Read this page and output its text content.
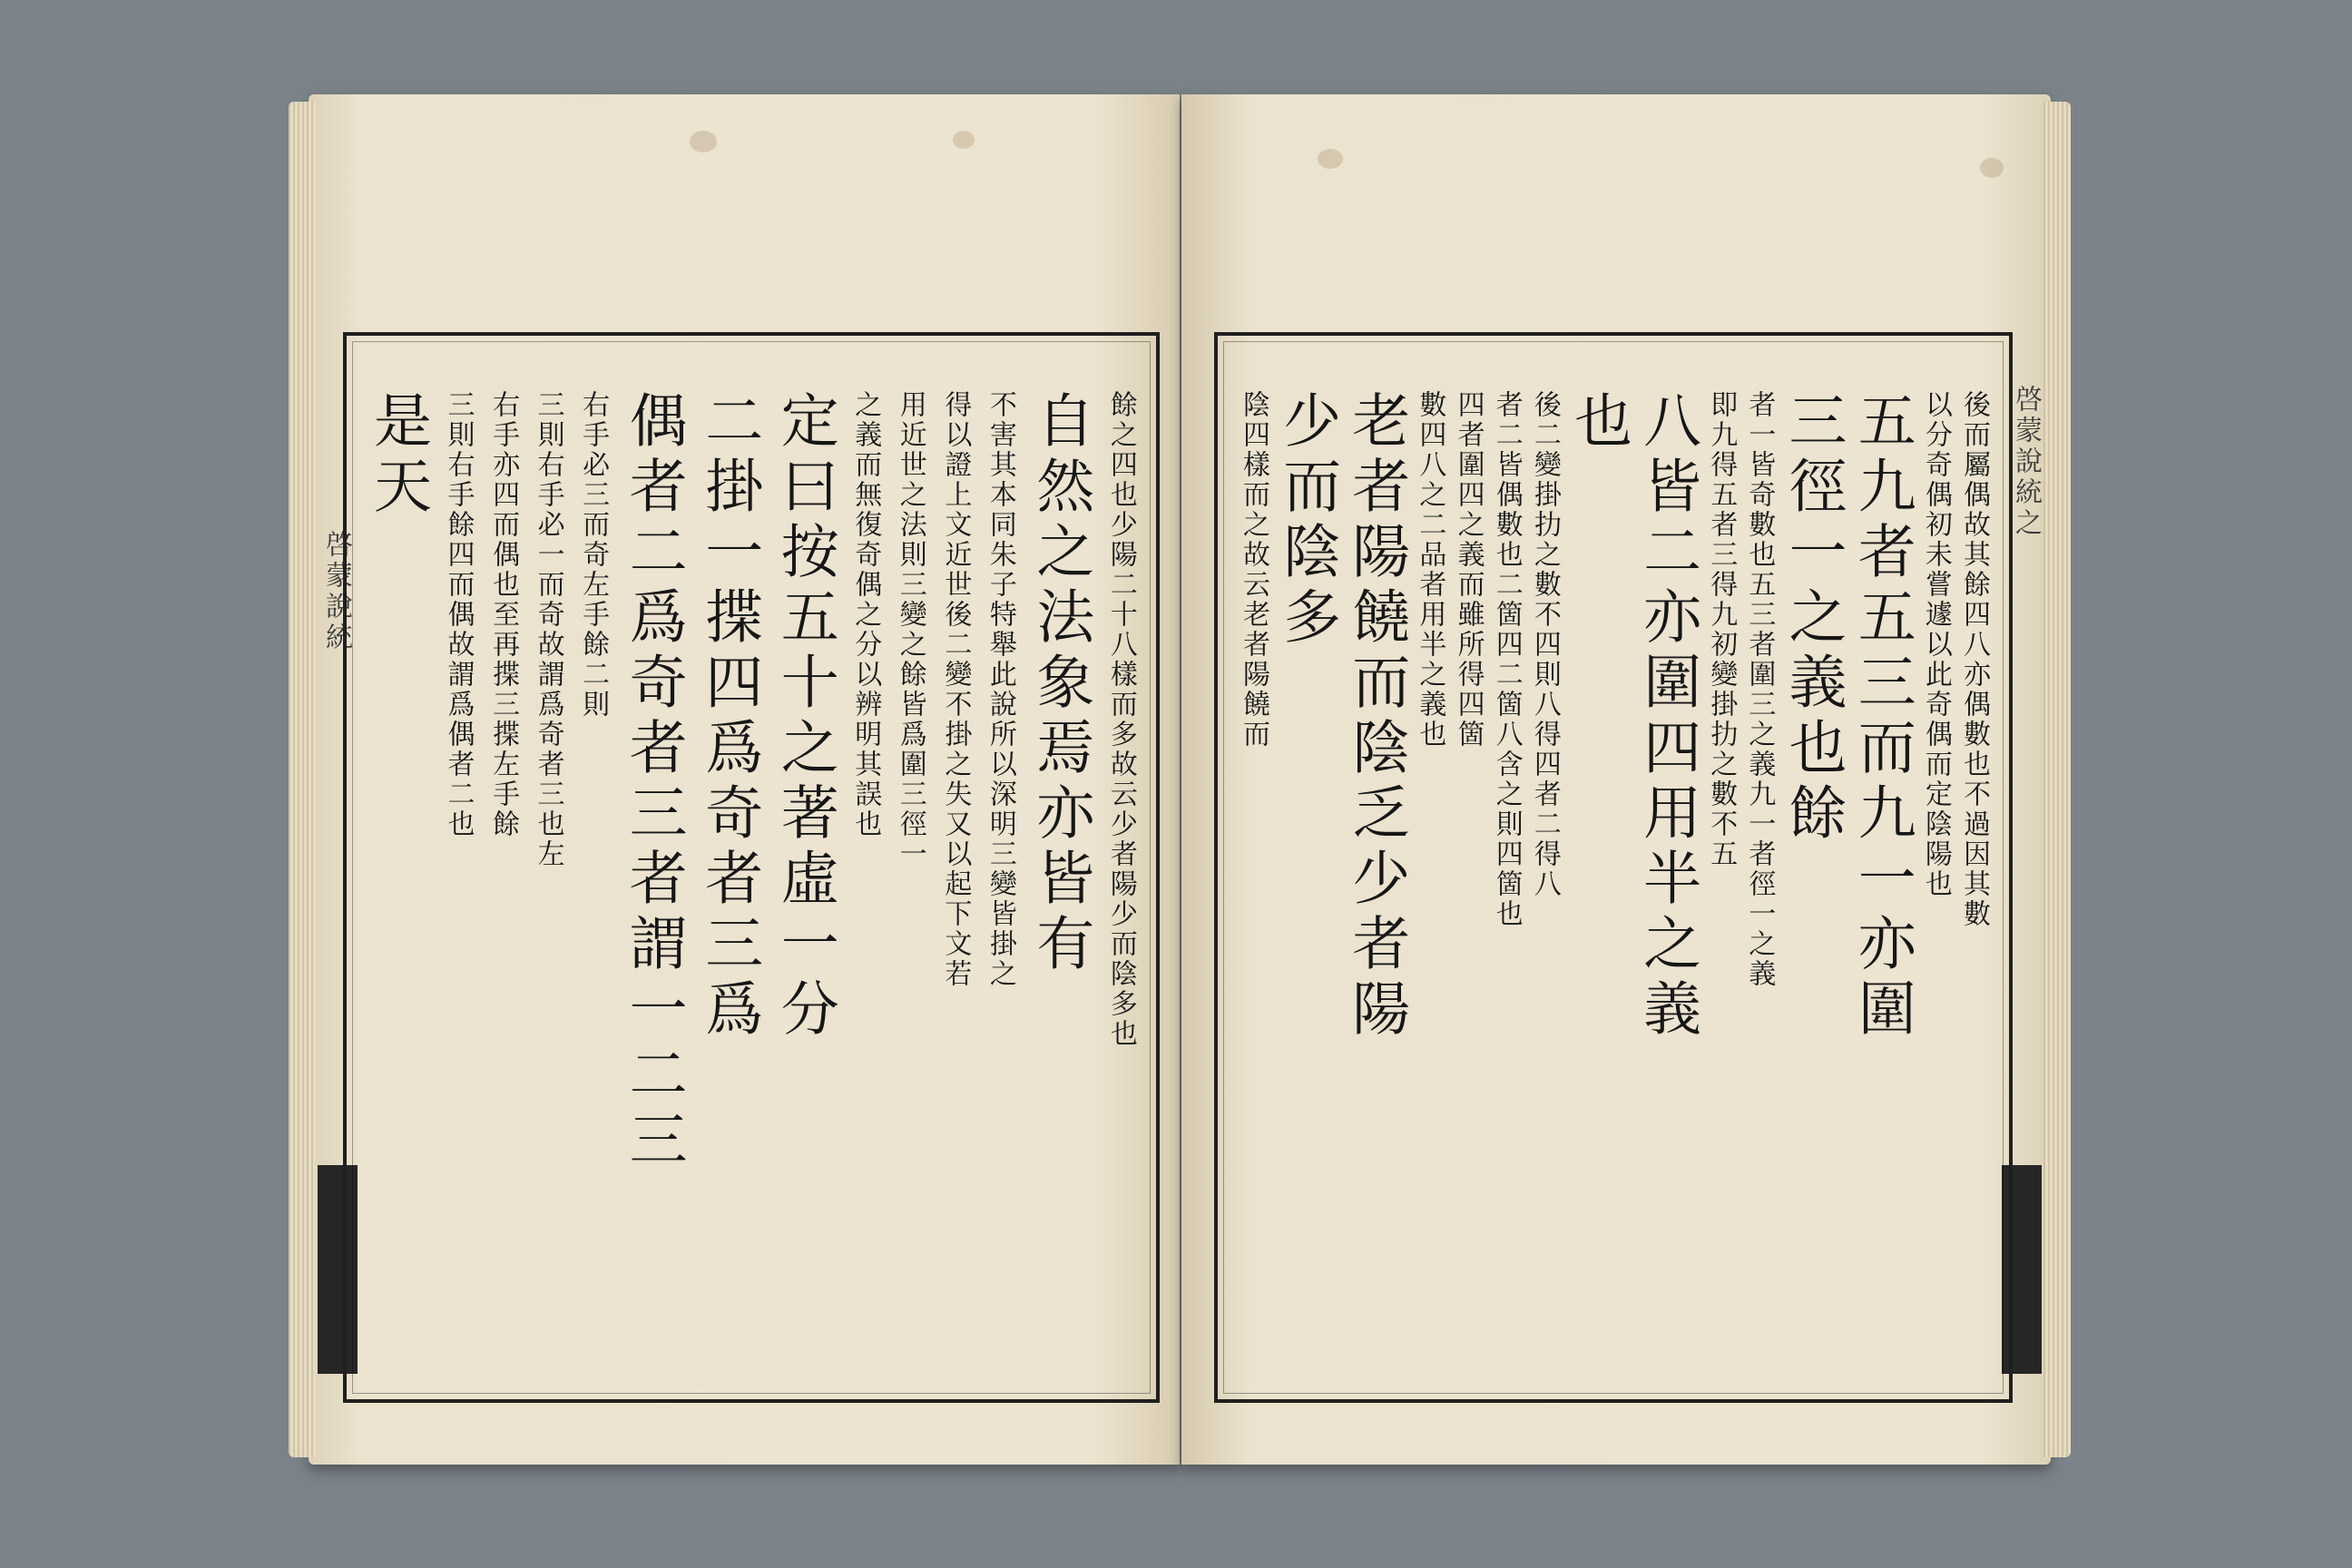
啓蒙說統	餘之四也少陽二十八樣而多故云少者陽少而陰多也
自然之法象焉亦皆有
不害其本同朱子特舉此說所以深明三變皆掛之
得以證上文近世後二變不掛之失又以起下文若
用近世之法則三變之餘皆爲圍三徑一
之義而無復奇偶之分以辨明其誤也
定曰按五十之著虛一分
二掛一揲四爲奇者三爲
偶者二爲奇者三者謂一二三
右手必三而奇左手餘二則
三則右手必一而奇故謂爲奇者三也左
右手亦四而偶也至再揲三揲左手餘
三則右手餘四而偶故謂爲偶者二也
是天	啓蒙說統之
後而屬偶故其餘四八亦偶數也不過因其數
以分奇偶初未嘗遽以此奇偶而定陰陽也
五九者五三而九一亦圍
三徑一之義也餘
者一皆奇數也五三者圍三之義九一者徑一之義
即九得五者三得九初變掛扐之數不五
八皆二亦圍四用半之義
也
後二變掛扐之數不四則八得四者二得八
者二皆偶數也二箇四二箇八含之則四箇也
四者圍四之義而雖所得四箇
數四八之二品者用半之義也
老者陽饒而陰乏少者陽
少而陰多
陰四樣而之故云老者陽饒而
